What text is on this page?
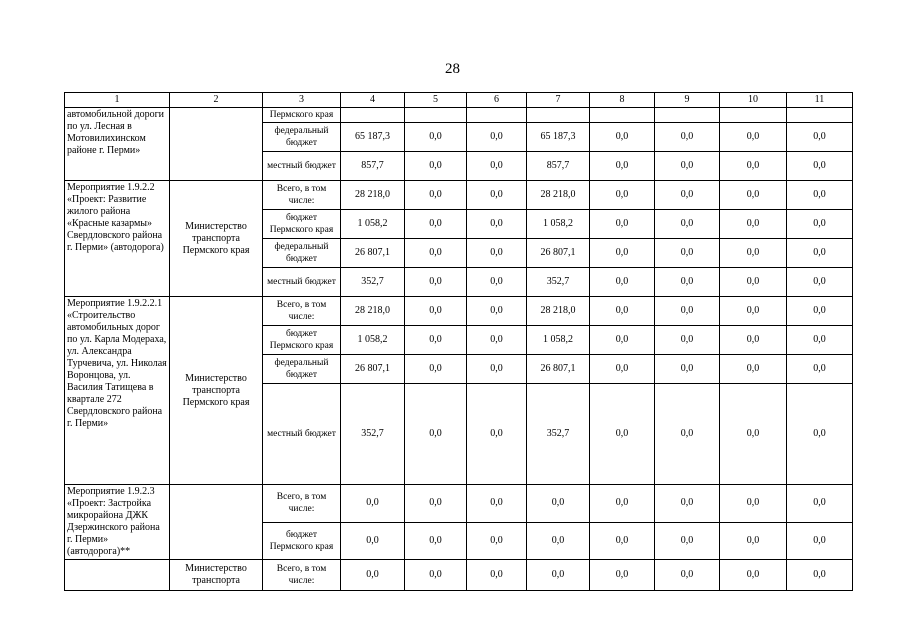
28
1	2	3	4	5	6	7	8	9	10	11
автомобильной дороги по ул. Лесная в Мотовилихинском районе г. Перми»		Пермского края								
		федеральный бюджет	65 187,3	0,0	0,0	65 187,3	0,0	0,0	0,0	0,0
		местный бюджет	857,7	0,0	0,0	857,7	0,0	0,0	0,0	0,0
Мероприятие 1.9.2.2 «Проект: Развитие жилого района «Красные казармы» Свердловского района г. Перми» (автодорога)	Министерство транспорта Пермского края	Всего, в том числе:	28 218,0	0,0	0,0	28 218,0	0,0	0,0	0,0	0,0
		бюджет Пермского края	1 058,2	0,0	0,0	1 058,2	0,0	0,0	0,0	0,0
		федеральный бюджет	26 807,1	0,0	0,0	26 807,1	0,0	0,0	0,0	0,0
		местный бюджет	352,7	0,0	0,0	352,7	0,0	0,0	0,0	0,0
Мероприятие 1.9.2.2.1 «Строительство автомобильных дорог по ул. Карла Модераха, ул. Александра Турчевича, ул. Николая Воронцова, ул. Василия Татищева в квартале 272 Свердловского района г. Перми»	Министерство транспорта Пермского края	Всего, в том числе:	28 218,0	0,0	0,0	28 218,0	0,0	0,0	0,0	0,0
		бюджет Пермского края	1 058,2	0,0	0,0	1 058,2	0,0	0,0	0,0	0,0
		федеральный бюджет	26 807,1	0,0	0,0	26 807,1	0,0	0,0	0,0	0,0
		местный бюджет	352,7	0,0	0,0	352,7	0,0	0,0	0,0	0,0
Мероприятие 1.9.2.3 «Проект: Застройка микрорайона ДЖК Дзержинского района г. Перми» (автодорога)**		Всего, в том числе:	0,0	0,0	0,0	0,0	0,0	0,0	0,0	0,0
		бюджет Пермского края	0,0	0,0	0,0	0,0	0,0	0,0	0,0	0,0
	Министерство транспорта	Всего, в том числе:	0,0	0,0	0,0	0,0	0,0	0,0	0,0	0,0
